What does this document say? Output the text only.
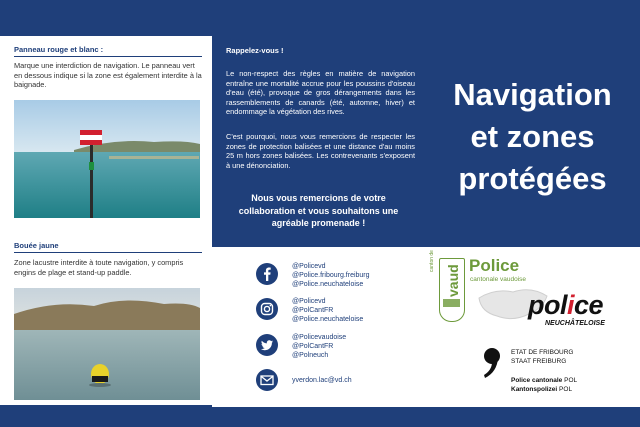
Panneau rouge et blanc :
Marque une interdiction de navigation. Le panneau vert en dessous indique si la zone est également interdite à la baignade.
Bouée jaune
Zone lacustre interdite à toute navigation, y compris engins de plage et stand-up paddle.
Rappelez-vous !
Le non-respect des règles en matière de navigation entraîne une mortalité accrue pour les poussins d'oiseau d'eau (été), provoque de gros dérangements dans les rassemblements de canards (été, automne, hiver) et endommage la végétation des rives.
C'est pourquoi, nous vous remercions de respecter les zones de protection balisées et une distance d'au moins 25 m hors zones balisées. Les contrevenants s'exposent à une dénonciation.
Nous vous remercions de votre collaboration et vous souhaitons une agréable promenade !
@Policevd
@Police.fribourg.freiburg
@Police.neuchateloise
@Policevd
@PolCantFR
@Police.neuchateloise
@Policevaudoise
@PolCantFR
@Polneuch
yverdon.lac@vd.ch
Navigation
et zones
protégées
canton de
vaud Police
cantonale vaudoise
police
NEUCHÂTELOISE
ETAT DE FRIBOURG
STAAT FREIBURG
Police cantonale POL
Kantonspolizei POL
